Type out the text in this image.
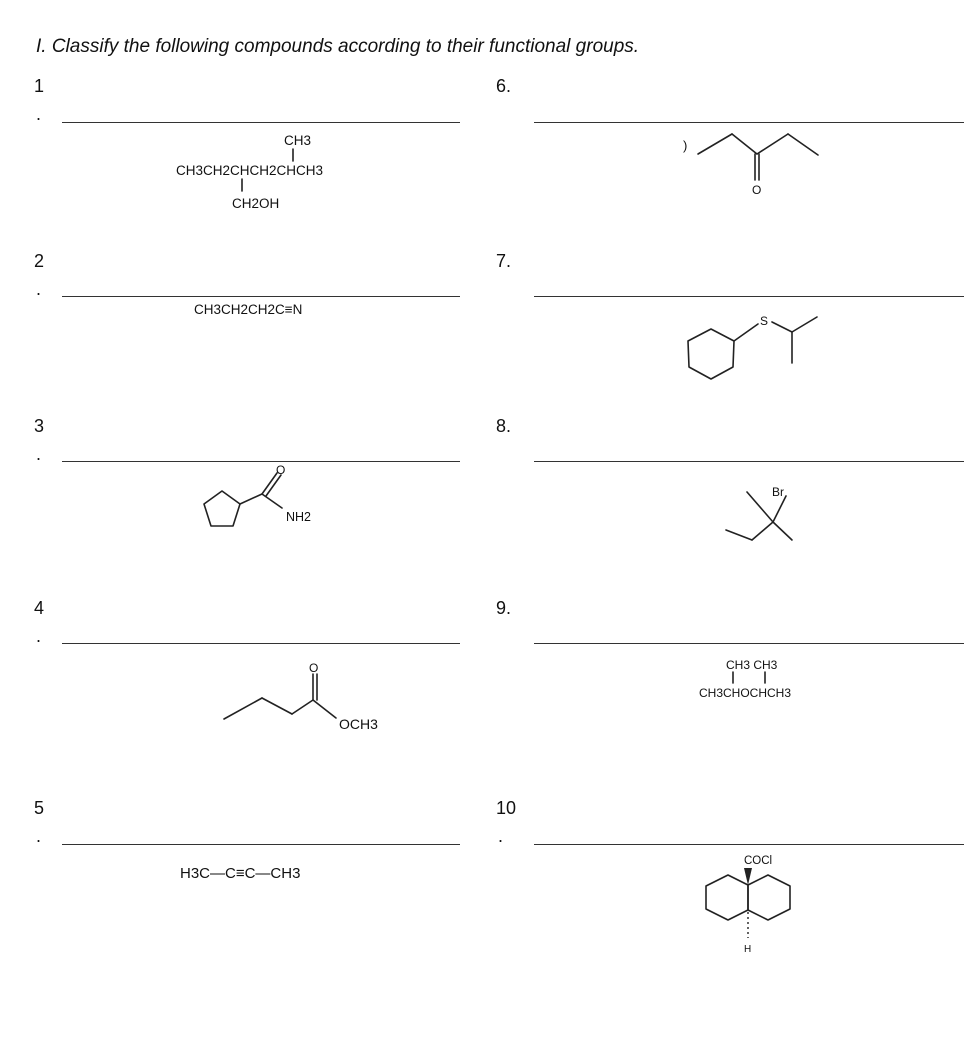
I. Classify the following compounds according to their functional groups.
1
.
2
.
3
.
4
.
5
.
6.
7.
8.
9.
10
.
CH3
CH3CH2CHCH2CHCH3
CH2OH
CH3CH2CH2C≡N
O
NH2
O
OCH3
H3C—C≡C—CH3
)
O
S
Br
CH3 CH3
CH3CHOCHCH3
COCl
H
